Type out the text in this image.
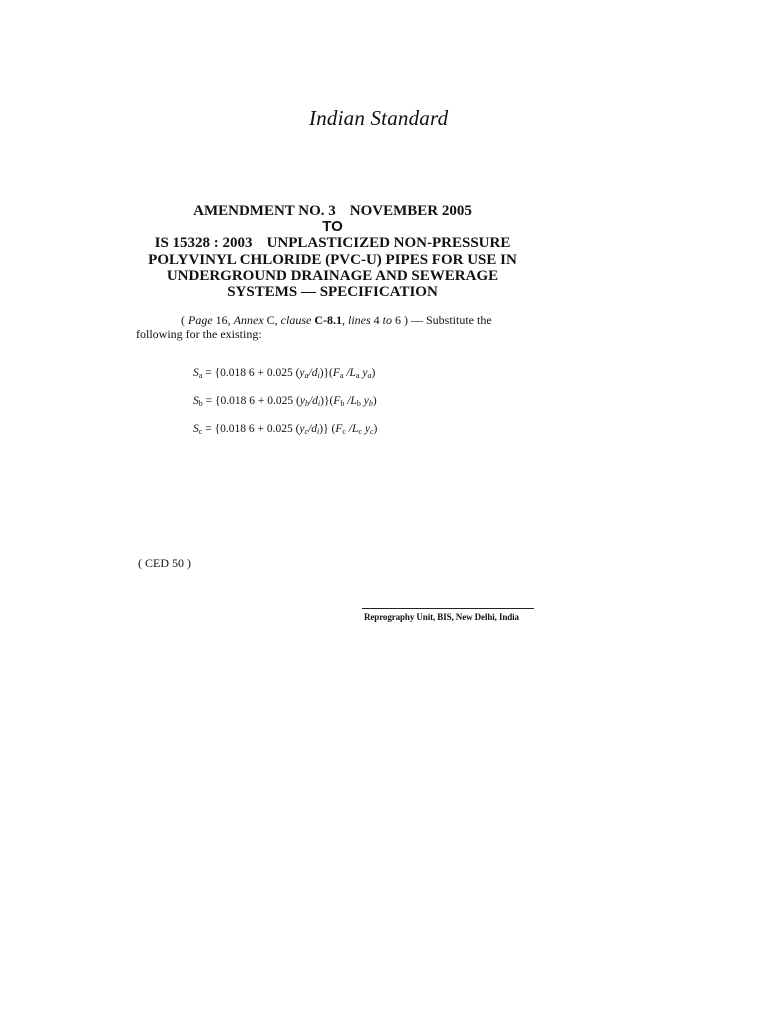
Indian Standard
AMENDMENT NO. 3 NOVEMBER 2005
TO
IS 15328 : 2003 UNPLASTICIZED NON-PRESSURE
POLYVINYL CHLORIDE (PVC-U) PIPES FOR USE IN
UNDERGROUND DRAINAGE AND SEWERAGE
SYSTEMS — SPECIFICATION
( Page 16, Annex C, clause C-8.1, lines 4 to 6 ) — Substitute the
following for the existing:
$S_a = \{0.018$ 6 + 0.025 $(y_a/d_i)\}(F_a$ $/L_a$ $y_a$)
$S_b = \{0.018$ 6 + 0.025 $(y_b/d_i)\}(F_b$ $/L_b$ $y_b$)
$S_c = \{0.018$ 6 + 0.025 $(y_c/d_i)$} ($F_c$ $/L_c$ $y_c$)
( CED 50 )
Reprography Unit, BIS, New Delhi, India
